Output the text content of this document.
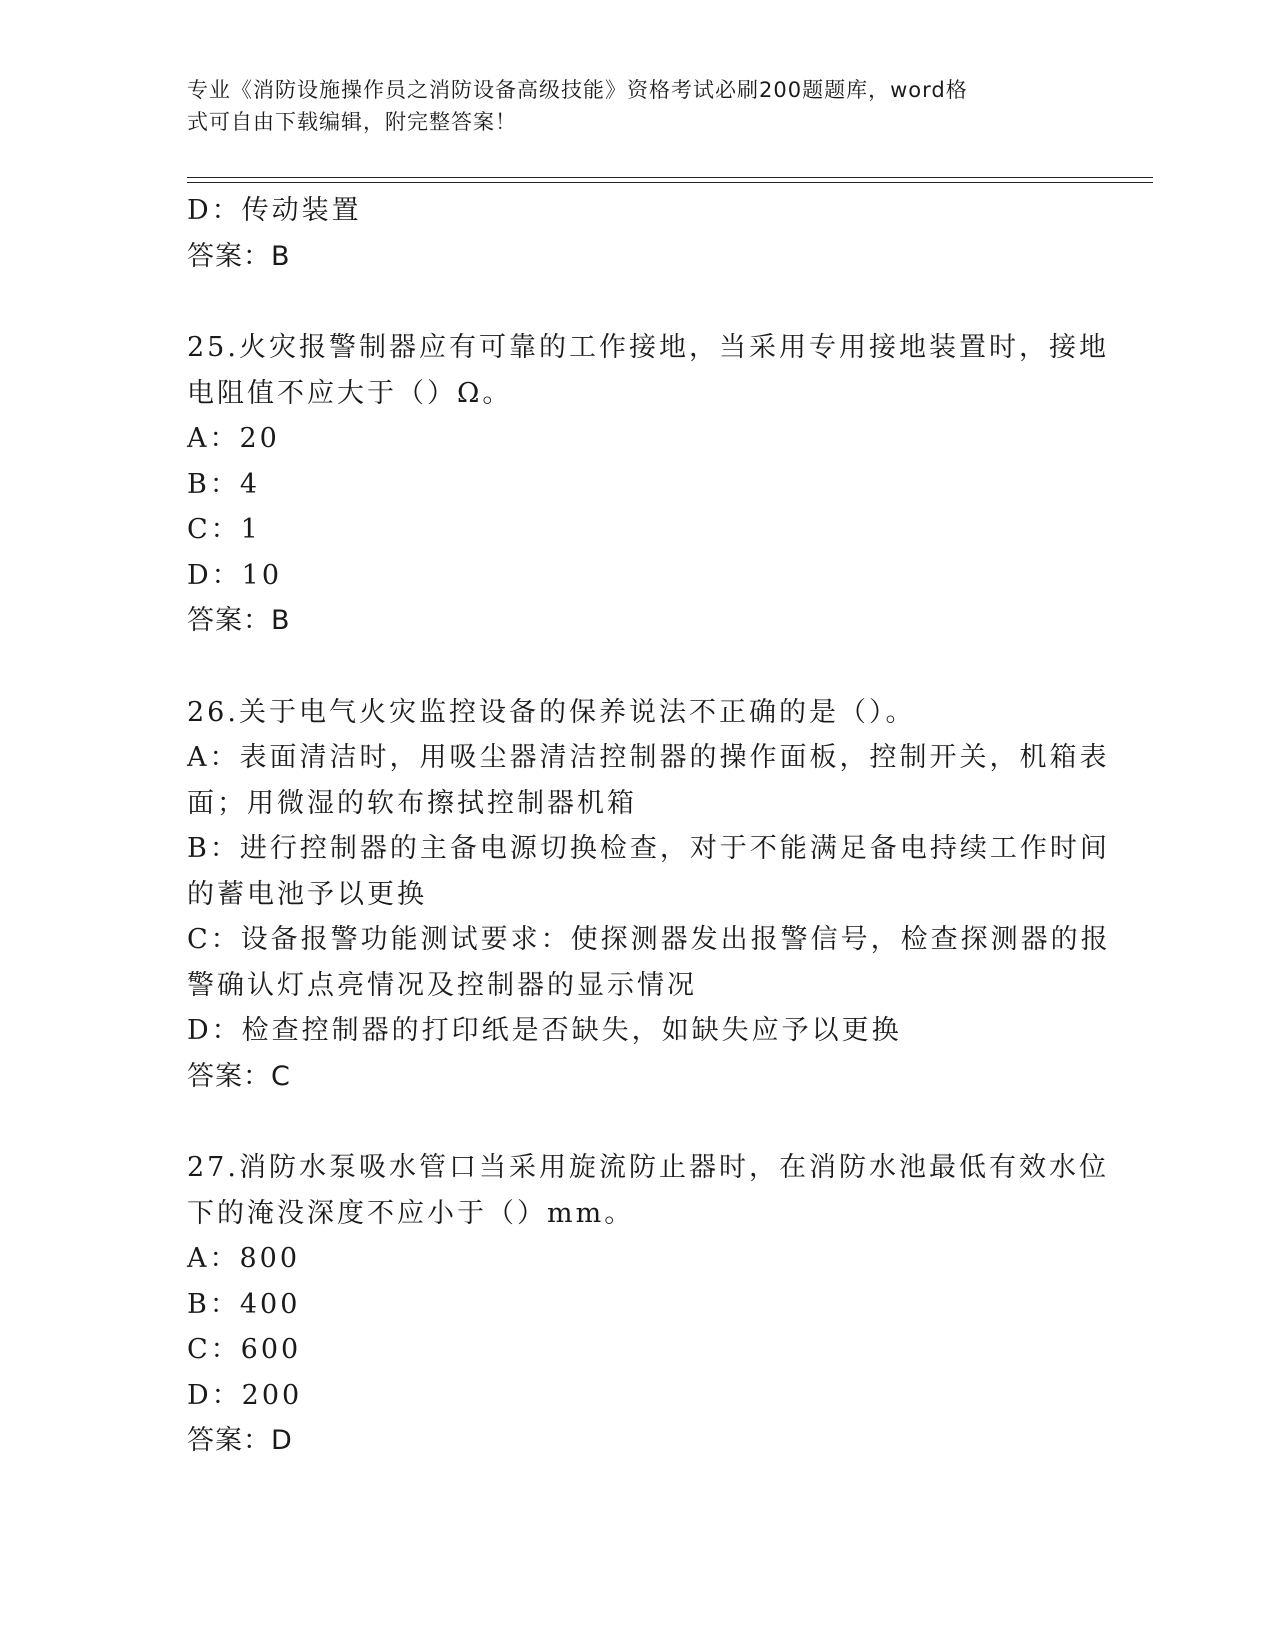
专业《消防设施操作员之消防设备高级技能》资格考试必刷200题题库，word格
式可自由下载编辑，附完整答案！
D：传动装置
答案：B
25.火灾报警制器应有可靠的工作接地，当采用专用接地装置时，接地
电阻值不应大于（）Ω。
A：20
B：4
C：1
D：10
答案：B
26.关于电气火灾监控设备的保养说法不正确的是（）。
A：表面清洁时，用吸尘器清洁控制器的操作面板，控制开关，机箱表
面；用微湿的软布擦拭控制器机箱
B：进行控制器的主备电源切换检查，对于不能满足备电持续工作时间
的蓄电池予以更换
C：设备报警功能测试要求：使探测器发出报警信号，检查探测器的报
警确认灯点亮情况及控制器的显示情况
D：检查控制器的打印纸是否缺失，如缺失应予以更换
答案：C
27.消防水泵吸水管口当采用旋流防止器时，在消防水池最低有效水位
下的淹没深度不应小于（）mm。
A：800
B：400
C：600
D：200
答案：D
